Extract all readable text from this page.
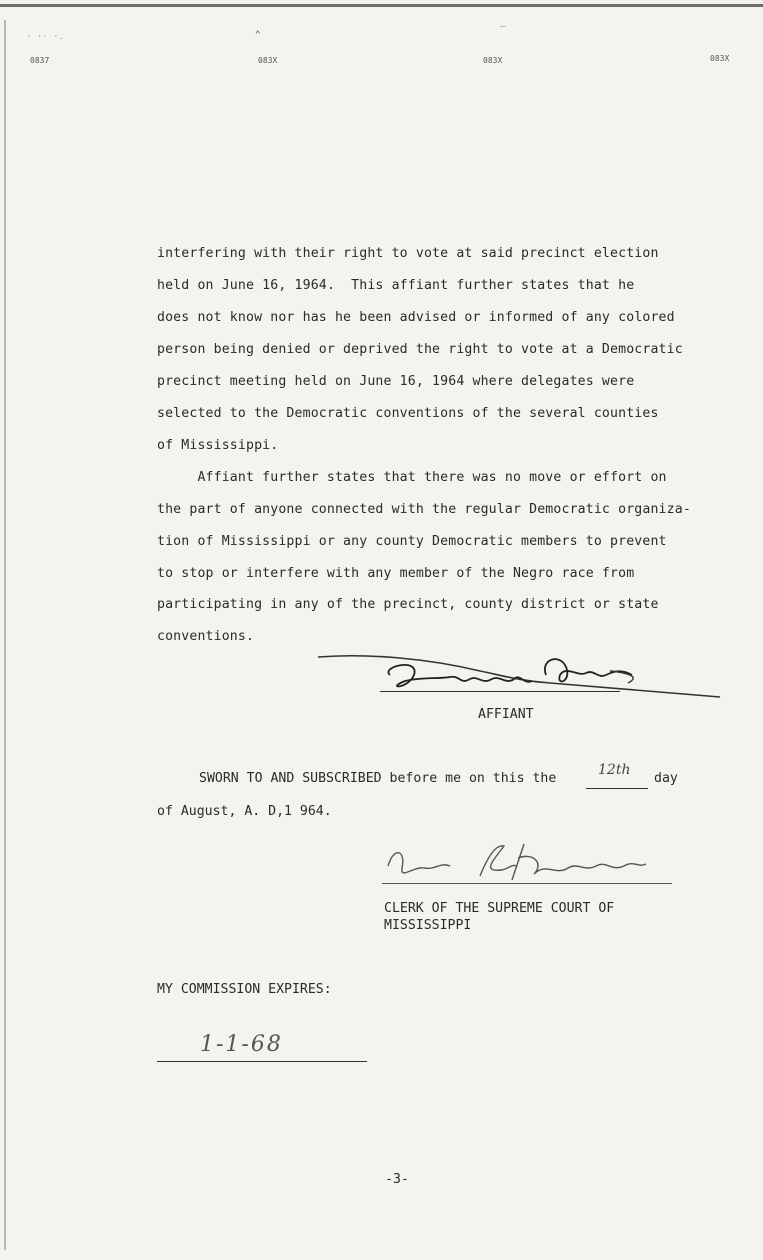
0837	083X	083X	083X
· ·· ·.	⌃	‾
interfering with their right to vote at said precinct election
held on June 16, 1964.  This affiant further states that he
does not know nor has he been advised or informed of any colored
person being denied or deprived the right to vote at a Democratic
precinct meeting held on June 16, 1964 where delegates were
selected to the Democratic conventions of the several counties
of Mississippi.
Affiant further states that there was no move or effort on
the part of anyone connected with the regular Democratic organiza-
tion of Mississippi or any county Democratic members to prevent
to stop or interfere with any member of the Negro race from
participating in any of the precinct, county district or state
conventions.
AFFIANT
SWORN TO AND SUBSCRIBED before me on this the
12th
day
of August, A. D,1 964.
CLERK OF THE SUPREME COURT OF
MISSISSIPPI
MY COMMISSION EXPIRES:
1-1-68
-3-
